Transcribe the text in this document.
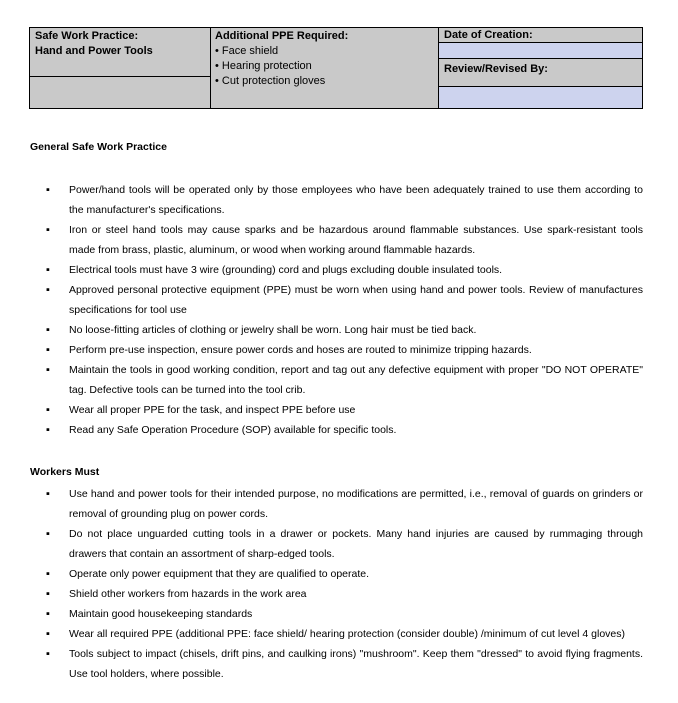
Safe Work Practice:
Hand and Power Tools
Additional PPE Required:
• Face shield
• Hearing protection
• Cut protection gloves
Date of Creation:
Review/Revised By:
General Safe Work Practice
▪ Power/hand tools will be operated only by those employees who have been adequately trained to use them according to the manufacturer's specifications.
▪ Iron or steel hand tools may cause sparks and be hazardous around flammable substances. Use spark-resistant tools made from brass, plastic, aluminum, or wood when working around flammable hazards.
▪ Electrical tools must have 3 wire (grounding) cord and plugs excluding double insulated tools.
▪ Approved personal protective equipment (PPE) must be worn when using hand and power tools. Review of manufactures specifications for tool use
▪ No loose-fitting articles of clothing or jewelry shall be worn. Long hair must be tied back.
▪ Perform pre-use inspection, ensure power cords and hoses are routed to minimize tripping hazards.
▪ Maintain the tools in good working condition, report and tag out any defective equipment with proper "DO NOT OPERATE" tag. Defective tools can be turned into the tool crib.
▪ Wear all proper PPE for the task, and inspect PPE before use
▪ Read any Safe Operation Procedure (SOP) available for specific tools.
Workers Must
▪ Use hand and power tools for their intended purpose, no modifications are permitted, i.e., removal of guards on grinders or removal of grounding plug on power cords.
▪ Do not place unguarded cutting tools in a drawer or pockets. Many hand injuries are caused by rummaging through drawers that contain an assortment of sharp-edged tools.
▪ Operate only power equipment that they are qualified to operate.
▪ Shield other workers from hazards in the work area
▪ Maintain good housekeeping standards
▪ Wear all required PPE (additional PPE: face shield/ hearing protection (consider double) /minimum of cut level 4 gloves)
▪ Tools subject to impact (chisels, drift pins, and caulking irons) "mushroom". Keep them "dressed" to avoid flying fragments. Use tool holders, where possible.
